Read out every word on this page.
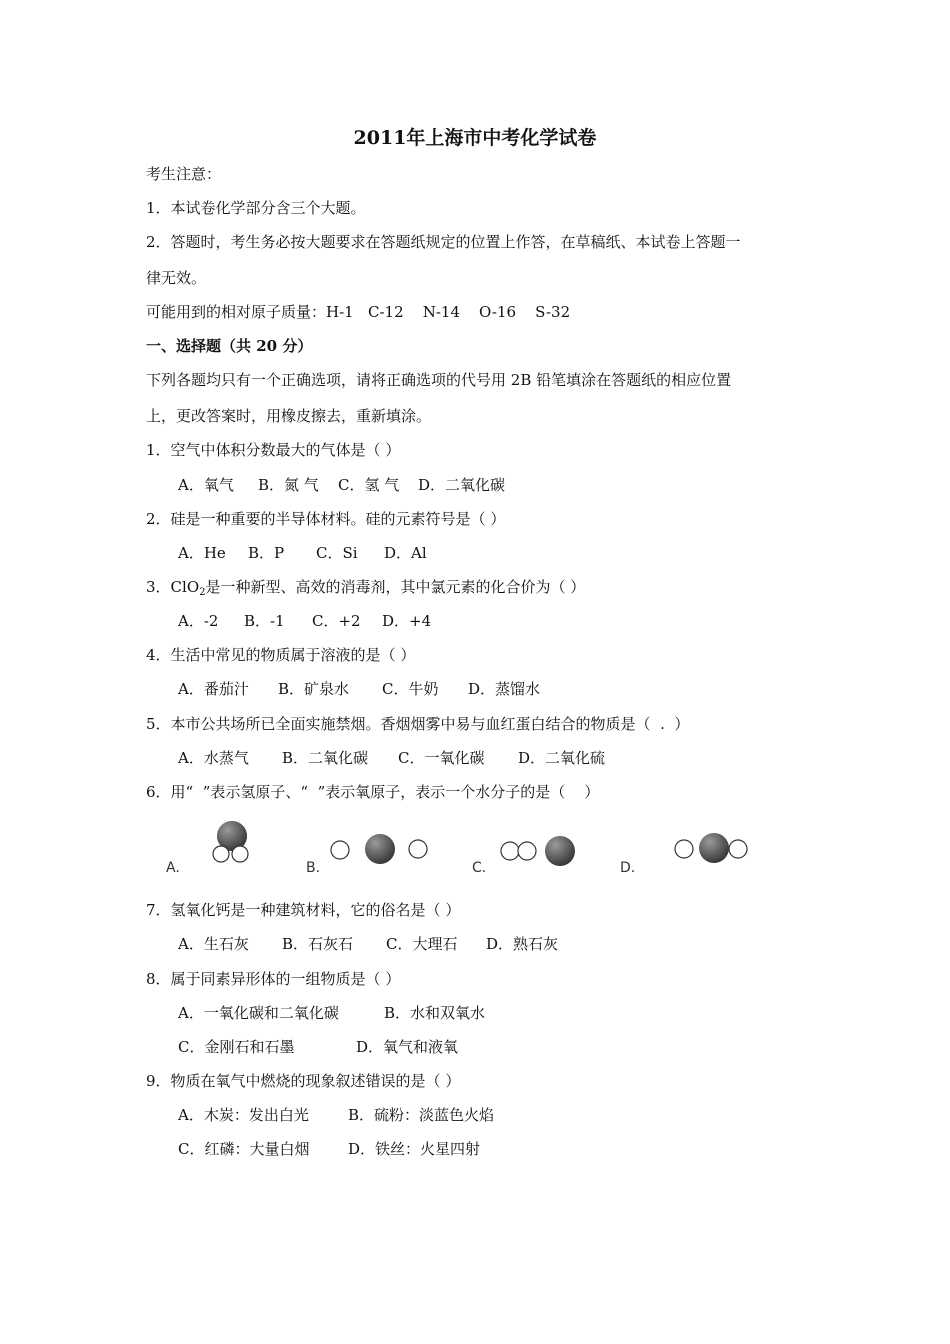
2011年上海市中考化学试卷
考生注意：
1．本试卷化学部分含三个大题。
2．答题时，考生务必按大题要求在答题纸规定的位置上作答，在草稿纸、本试卷上答题一
律无效。
可能用到的相对原子质量：H-1   C-12    N-14    O-16    S-32
一、选择题（共 20 分）
下列各题均只有一个正确选项，请将正确选项的代号用 2B 铅笔填涂在答题纸的相应位置
上，更改答案时，用橡皮擦去，重新填涂。
1．空气中体积分数最大的气体是（ ）
A．氧气 B．氮 气 C．氢 气 D．二氧化碳
2．硅是一种重要的半导体材料。硅的元素符号是（ ）
A．He B．P C．Si D．Al
3．ClO$_2$是一种新型、高效的消毒剂，其中氯元素的化合价为（ ）
A．-2 B．-1 C．+2 D．+4
4．生活中常见的物质属于溶液的是（ ）
A．番茄汁 B．矿泉水 C．牛奶 D．蒸馏水
5．本市公共场所已全面实施禁烟。香烟烟雾中易与血红蛋白结合的物质是（  .  ）
A．水蒸气 B．二氧化碳 C．一氧化碳 D．二氧化硫
6．用“  ”表示氢原子、“  ”表示氧原子，表示一个水分子的是（    ）
A.	B.	C.	D.
7．氢氧化钙是一种建筑材料，它的俗名是（ ）
A．生石灰 B．石灰石 C．大理石 D．熟石灰
8．属于同素异形体的一组物质是（ ）
A．一氧化碳和二氧化碳	B．水和双氧水
C．金刚石和石墨	D．氧气和液氧
9．物质在氧气中燃烧的现象叙述错误的是（ ）
A．木炭：发出白光	B．硫粉：淡蓝色火焰
C．红磷：大量白烟	D．铁丝：火星四射
